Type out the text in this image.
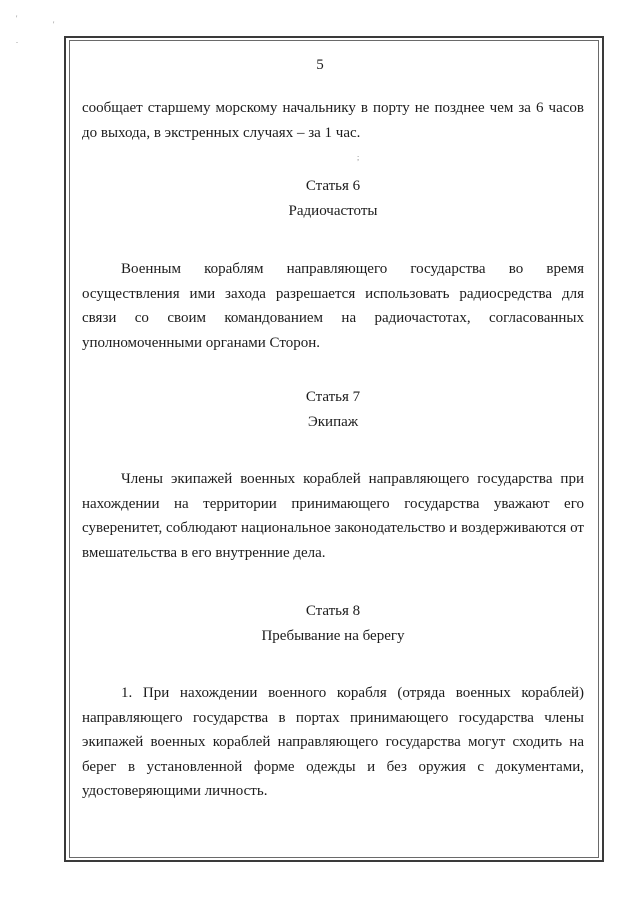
'
'
.
;
5

сообщает старшему морскому начальнику в порту не позднее чем за 6 часов до выхода, в экстренных случаях – за 1 час.

Статья 6

Радиочастоты

Военным кораблям направляющего государства во время осуществления ими захода разрешается использовать радиосредства для связи со своим командованием на радиочастотах, согласованных уполномоченными органами Сторон.

Статья 7

Экипаж

Члены экипажей военных кораблей направляющего государства при нахождении на территории принимающего государства уважают его суверенитет, соблюдают национальное законодательство и воздерживаются от вмешательства в его внутренние дела.

Статья 8

Пребывание на берегу

1. При нахождении военного корабля (отряда военных кораблей) направляющего государства в портах принимающего государства члены экипажей военных кораблей направляющего государства могут сходить на берег в установленной форме одежды и без оружия с документами, удостоверяющими личность.
